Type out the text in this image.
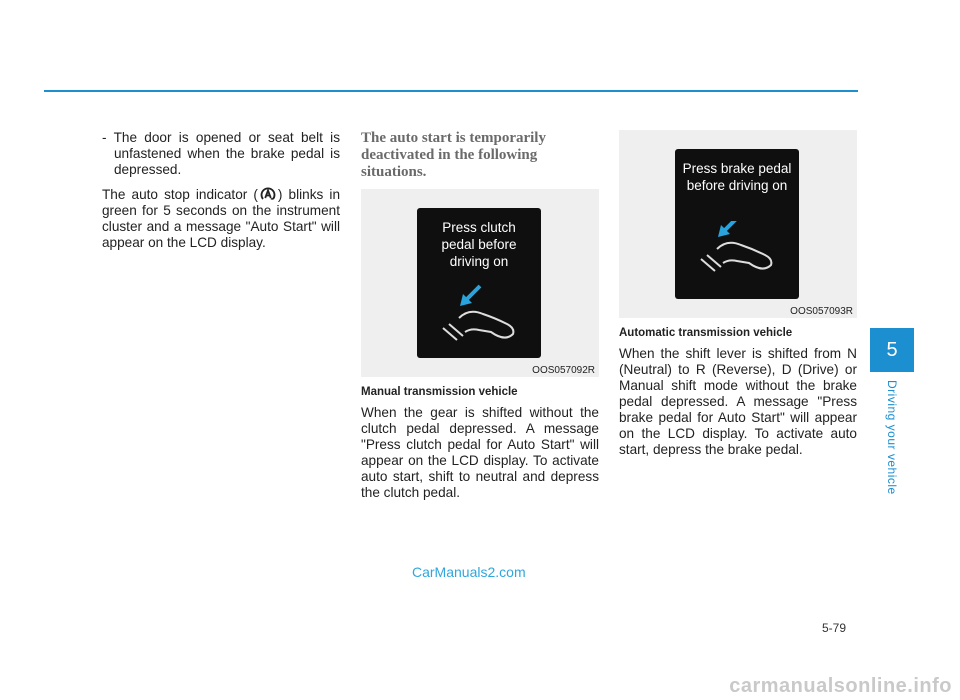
- The door is opened or seat belt is unfastened when the brake pedal is depressed.

The auto stop indicator ( ) blinks in green for 5 seconds on the instrument cluster and a message "Auto Start" will appear on the LCD display.

The auto start is temporarily deactivated in the following situations.

Press clutch
pedal before
driving on
OOS057092R

Manual transmission vehicle

When the gear is shifted without the clutch pedal depressed. A message "Press clutch pedal for Auto Start" will appear on the LCD display. To activate auto start, shift to neutral and depress the clutch pedal.

Press brake pedal
before driving on
OOS057093R

Automatic transmission vehicle

When the shift lever is shifted from N (Neutral) to R (Reverse), D (Drive) or Manual shift mode without the brake pedal depressed. A message "Press brake pedal for Auto Start" will appear on the LCD display. To activate auto start, depress the brake pedal.

5
Driving your vehicle
CarManuals2.com
5-79
carmanualsonline.info
